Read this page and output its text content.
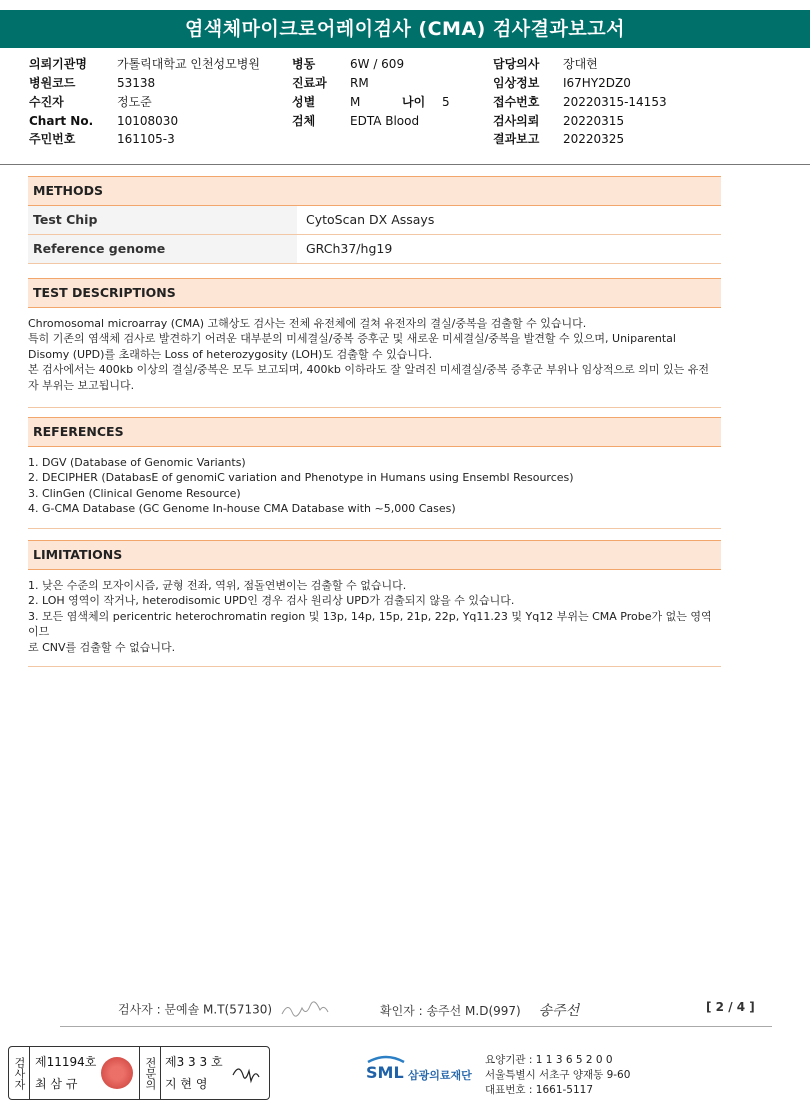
염색체마이크로어레이검사 (CMA) 검사결과보고서
의뢰기관명	가톨릭대학교 인천성모병원
병원코드	53138
수진자	정도준
Chart No. 10108030
주민번호	161105-3
병동	6W / 609
진료과 RM
성별	M	나이 5
검체	EDTA Blood
담당의사 장대현
임상정보 I67HY2DZ0
접수번호 20220315-14153
검사의뢰 20220315
결과보고 20220325
METHODS
Test Chip	CytoScan DX Assays
Reference genome	GRCh37/hg19
TEST DESCRIPTIONS
Chromosomal microarray (CMA) 고해상도 검사는 전체 유전체에 걸쳐 유전자의 결실/중복을 검출할 수 있습니다.
특히 기존의 염색체 검사로 발견하기 어려운 대부분의 미세결실/중복 증후군 및 새로운 미세결실/중복을 발견할 수 있으며, Uniparental
Disomy (UPD)를 초래하는 Loss of heterozygosity (LOH)도 검출할 수 있습니다.
본 검사에서는 400kb 이상의 결실/중복은 모두 보고되며, 400kb 이하라도 잘 알려진 미세결실/중복 증후군 부위나 임상적으로 의미 있는 유전
자 부위는 보고됩니다.
REFERENCES
1. DGV (Database of Genomic Variants)
2. DECIPHER (DatabasE of genomiC variation and Phenotype in Humans using Ensembl Resources)
3. ClinGen (Clinical Genome Resource)
4. G-CMA Database (GC Genome In-house CMA Database with ~5,000 Cases)
LIMITATIONS
1. 낮은 수준의 모자이시즘, 균형 전좌, 역위, 점돌연변이는 검출할 수 없습니다.
2. LOH 영역이 작거나, heterodisomic UPD인 경우 검사 원리상 UPD가 검출되지 않을 수 있습니다.
3. 모든 염색체의 pericentric heterochromatin region 및 13p, 14p, 15p, 21p, 22p, Yq11.23 및 Yq12 부위는 CMA Probe가 없는 영역이므
로 CNV를 검출할 수 없습니다.
검사자 : 문예솔 M.T(57130)	확인자 : 송주선 M.D(997) 송주선	[ 2 / 4 ]
검사자 제11194호
최 삼 규	전문의 제3 3 3 호
지 현 영
SML 삼광의료재단
요양기관 : 1 1 3 6 5 2 0 0
서울특별시 서초구 양재동 9-60
대표번호 : 1661-5117
